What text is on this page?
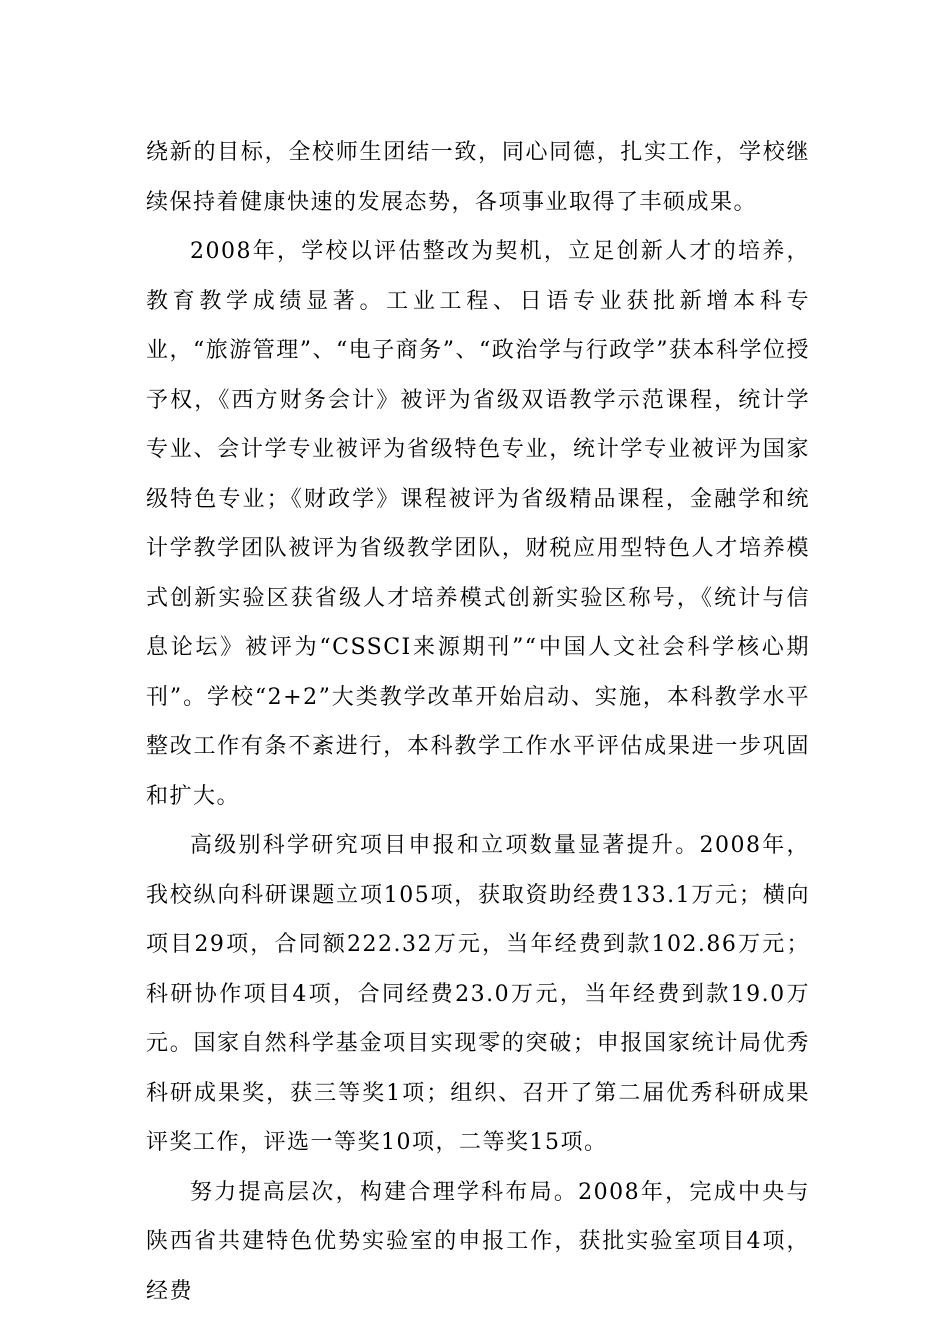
绕新的目标，全校师生团结一致，同心同德，扎实工作，学校继续保持着健康快速的发展态势，各项事业取得了丰硕成果。

2008年，学校以评估整改为契机，立足创新人才的培养，教育教学成绩显著。工业工程、日语专业获批新增本科专业，“旅游管理”、“电子商务”、“政治学与行政学”获本科学位授予权，《西方财务会计》被评为省级双语教学示范课程，统计学专业、会计学专业被评为省级特色专业，统计学专业被评为国家级特色专业；《财政学》课程被评为省级精品课程，金融学和统计学教学团队被评为省级教学团队，财税应用型特色人才培养模式创新实验区获省级人才培养模式创新实验区称号，《统计与信息论坛》被评为“CSSCI来源期刊”“中国人文社会科学核心期刊”。学校“2+2”大类教学改革开始启动、实施，本科教学水平整改工作有条不紊进行，本科教学工作水平评估成果进一步巩固和扩大。

高级别科学研究项目申报和立项数量显著提升。2008年，我校纵向科研课题立项105项，获取资助经费133.1万元；横向项目29项，合同额222.32万元，当年经费到款102.86万元；科研协作项目4项，合同经费23.0万元，当年经费到款19.0万元。国家自然科学基金项目实现零的突破；申报国家统计局优秀科研成果奖，获三等奖1项；组织、召开了第二届优秀科研成果评奖工作，评选一等奖10项，二等奖15项。

努力提高层次，构建合理学科布局。2008年，完成中央与陕西省共建特色优势实验室的申报工作，获批实验室项目4项，经费
